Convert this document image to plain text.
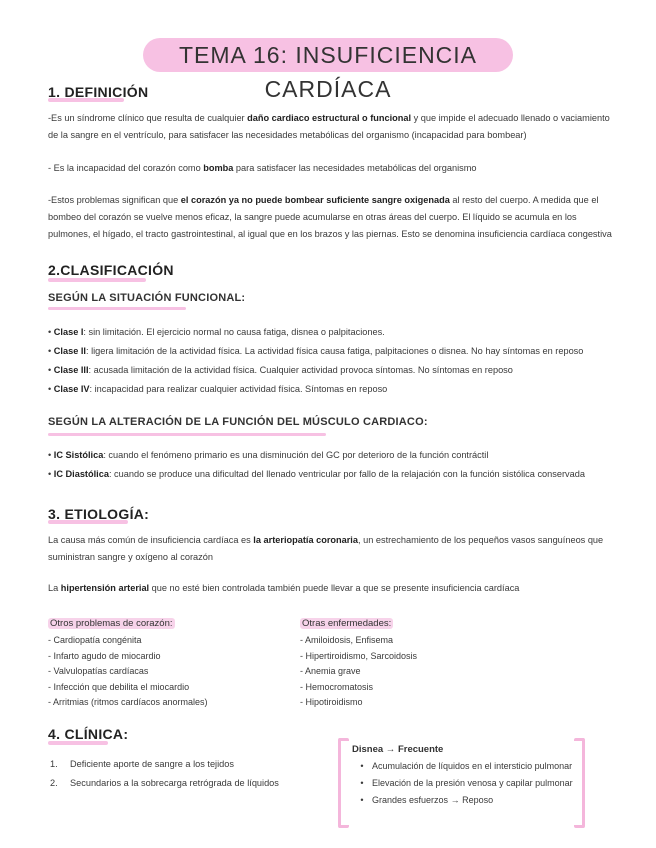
TEMA 16: INSUFICIENCIA CARDÍACA
1. DEFINICIÓN
-Es un síndrome clínico que resulta de cualquier daño cardiaco estructural o funcional y que impide el adecuado llenado o vaciamiento de la sangre en el ventrículo, para satisfacer las necesidades metabólicas del organismo (incapacidad para bombear)
- Es la incapacidad del corazón como bomba para satisfacer las necesidades metabólicas del organismo
-Estos problemas significan que el corazón ya no puede bombear suficiente sangre oxigenada al resto del cuerpo. A medida que el bombeo del corazón se vuelve menos eficaz, la sangre puede acumularse en otras áreas del cuerpo. El líquido se acumula en los pulmones, el hígado, el tracto gastrointestinal, al igual que en los brazos y las piernas. Esto se denomina insuficiencia cardíaca congestiva
2.CLASIFICACIÓN
SEGÚN LA SITUACIÓN FUNCIONAL:
• Clase I: sin limitación. El ejercicio normal no causa fatiga, disnea o palpitaciones.
• Clase II: ligera limitación de la actividad física. La actividad física causa fatiga, palpitaciones o disnea. No hay síntomas en reposo
• Clase III: acusada limitación de la actividad física. Cualquier actividad provoca síntomas. No síntomas en reposo
• Clase IV: incapacidad para realizar cualquier actividad física. Síntomas en reposo
SEGÚN LA ALTERACIÓN DE LA FUNCIÓN DEL MÚSCULO CARDIACO:
• IC Sistólica: cuando el fenómeno primario es una disminución del GC por deterioro de la función contráctil
• IC Diastólica: cuando se produce una dificultad del llenado ventricular por fallo de la relajación con la función sistólica conservada
3. ETIOLOGÍA:
La causa más común de insuficiencia cardíaca es la arteriopatía coronaria, un estrechamiento de los pequeños vasos sanguíneos que suministran sangre y oxígeno al corazón
La hipertensión arterial que no esté bien controlada también puede llevar a que se presente insuficiencia cardíaca
Otros problemas de corazón:
- Cardiopatía congénita
- Infarto agudo de miocardio
- Valvulopatías cardíacas
- Infección que debilita el miocardio
- Arritmias (ritmos cardíacos anormales)
Otras enfermedades:
- Amiloidosis, Enfisema
- Hipertiroidismo, Sarcoidosis
- Anemia grave
- Hemocromatosis
- Hipotiroidismo
4. CLÍNICA:
1. Deficiente aporte de sangre a los tejidos
2. Secundarios a la sobrecarga retrógrada de líquidos
Disnea → Frecuente
• Acumulación de líquidos en el intersticio pulmonar
• Elevación de la presión venosa y capilar pulmonar
• Grandes esfuerzos → Reposo
